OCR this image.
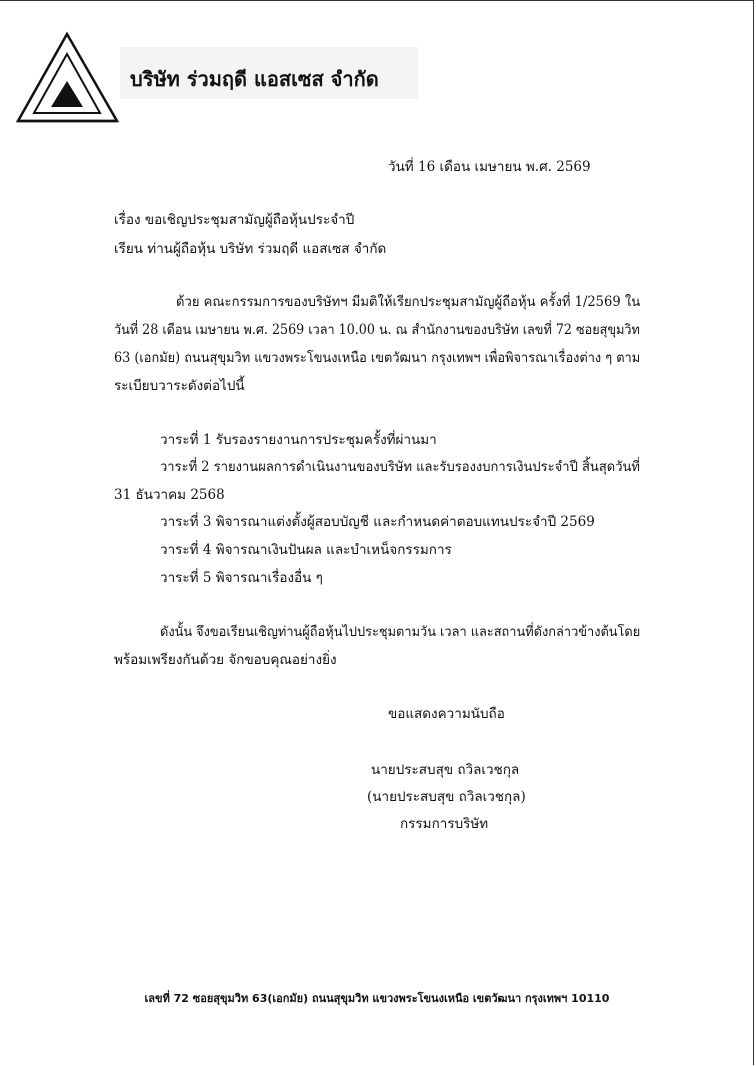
บริษัท ร่วมฤดี แอสเซส จำกัด
วันที่ 16 เดือน เมษายน พ.ศ. 2569
เรื่อง ขอเชิญประชุมสามัญผู้ถือหุ้นประจำปี
เรียน ท่านผู้ถือหุ้น บริษัท ร่วมฤดี แอสเซส จำกัด
ด้วย คณะกรรมการของบริษัทฯ มีมติให้เรียกประชุมสามัญผู้ถือหุ้น ครั้งที่ 1/2569 ใน
วันที่ 28 เดือน เมษายน พ.ศ. 2569 เวลา 10.00 น. ณ สำนักงานของบริษัท เลขที่ 72 ซอยสุขุมวิท
63 (เอกมัย) ถนนสุขุมวิท แขวงพระโขนงเหนือ เขตวัฒนา กรุงเทพฯ เพื่อพิจารณาเรื่องต่าง ๆ ตาม
ระเบียบวาระดังต่อไปนี้
วาระที่ 1 รับรองรายงานการประชุมครั้งที่ผ่านมา
วาระที่ 2 รายงานผลการดำเนินงานของบริษัท และรับรองงบการเงินประจำปี สิ้นสุดวันที่
31 ธันวาคม 2568
วาระที่ 3 พิจารณาแต่งตั้งผู้สอบบัญชี และกำหนดค่าตอบแทนประจำปี 2569
วาระที่ 4 พิจารณาเงินปันผล และบำเหน็จกรรมการ
วาระที่ 5 พิจารณาเรื่องอื่น ๆ
ดังนั้น จึงขอเรียนเชิญท่านผู้ถือหุ้นไปประชุมตามวัน เวลา และสถานที่ดังกล่าวข้างต้นโดย
พร้อมเพรียงกันด้วย จักขอบคุณอย่างยิ่ง
ขอแสดงความนับถือ
นายประสบสุข ถวิลเวชกุล
(นายประสบสุข ถวิลเวชกุล)
กรรมการบริษัท
เลขที่ 72 ซอยสุขุมวิท 63(เอกมัย) ถนนสุขุมวิท แขวงพระโขนงเหนือ เขตวัฒนา กรุงเทพฯ 10110
